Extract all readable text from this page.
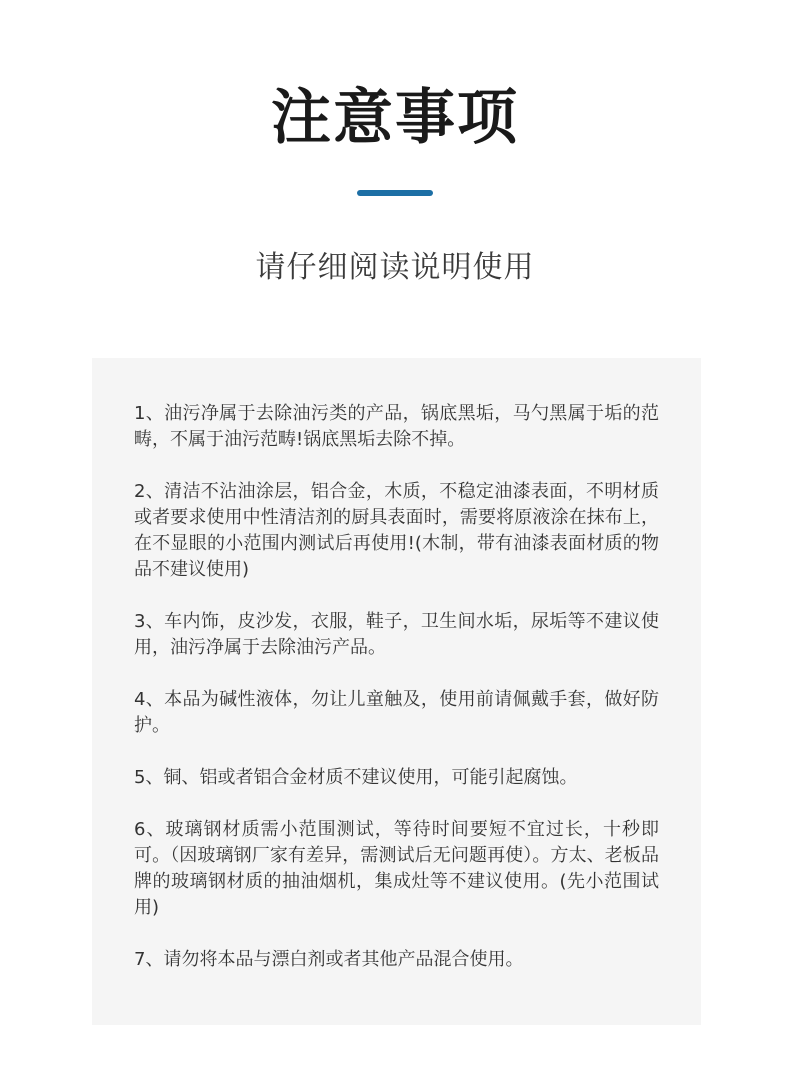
注意事项
请仔细阅读说明使用

1、油污净属于去除油污类的产品，锅底黑垢，马勺黑属于垢的范畴，不属于油污范畴!锅底黑垢去除不掉。

2、清洁不沾油涂层，铝合金，木质，不稳定油漆表面，不明材质或者要求使用中性清洁剂的厨具表面时，需要将原液涂在抹布上，在不显眼的小范围内测试后再使用!(木制，带有油漆表面材质的物品不建议使用)

3、车内饰，皮沙发，衣服，鞋子，卫生间水垢，尿垢等不建议使用，油污净属于去除油污产品。

4、本品为碱性液体，勿让儿童触及，使用前请佩戴手套，做好防护。

5、铜、铝或者铝合金材质不建议使用，可能引起腐蚀。

6、玻璃钢材质需小范围测试，等待时间要短不宜过长，十秒即可。（因玻璃钢厂家有差异，需测试后无问题再使）。方太、老板品牌的玻璃钢材质的抽油烟机，集成灶等不建议使用。(先小范围试用)

7、请勿将本品与漂白剂或者其他产品混合使用。
